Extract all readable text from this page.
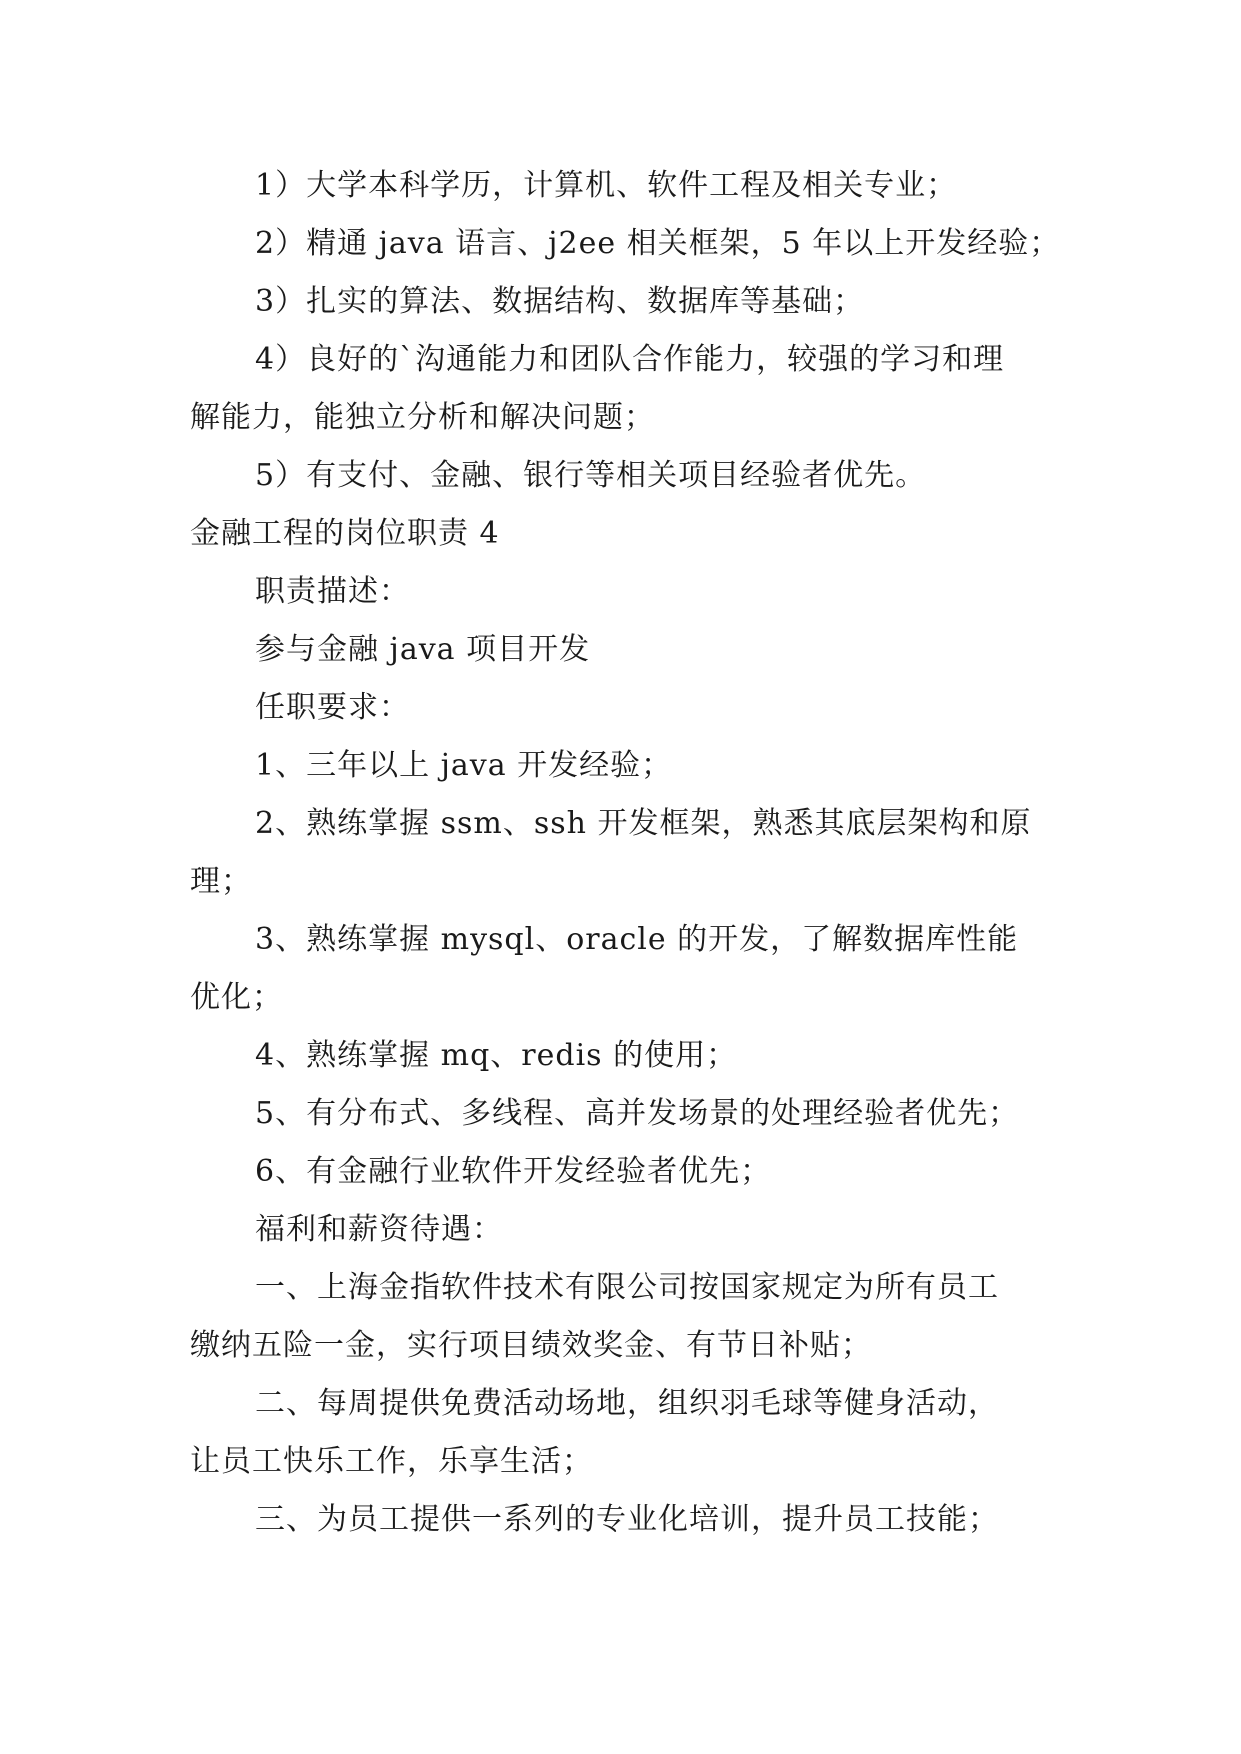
1）大学本科学历，计算机、软件工程及相关专业；
2）精通 java 语言、j2ee 相关框架，5 年以上开发经验；
3）扎实的算法、数据结构、数据库等基础；
4）良好的`沟通能力和团队合作能力，较强的学习和理
解能力，能独立分析和解决问题；
5）有支付、金融、银行等相关项目经验者优先。
金融工程的岗位职责 4
职责描述：
参与金融 java 项目开发
任职要求：
1、三年以上 java 开发经验；
2、熟练掌握 ssm、ssh 开发框架，熟悉其底层架构和原
理；
3、熟练掌握 mysql、oracle 的开发，了解数据库性能
优化；
4、熟练掌握 mq、redis 的使用；
5、有分布式、多线程、高并发场景的处理经验者优先；
6、有金融行业软件开发经验者优先；
福利和薪资待遇：
一、上海金指软件技术有限公司按国家规定为所有员工
缴纳五险一金，实行项目绩效奖金、有节日补贴；
二、每周提供免费活动场地，组织羽毛球等健身活动，
让员工快乐工作，乐享生活；
三、为员工提供一系列的专业化培训，提升员工技能；
